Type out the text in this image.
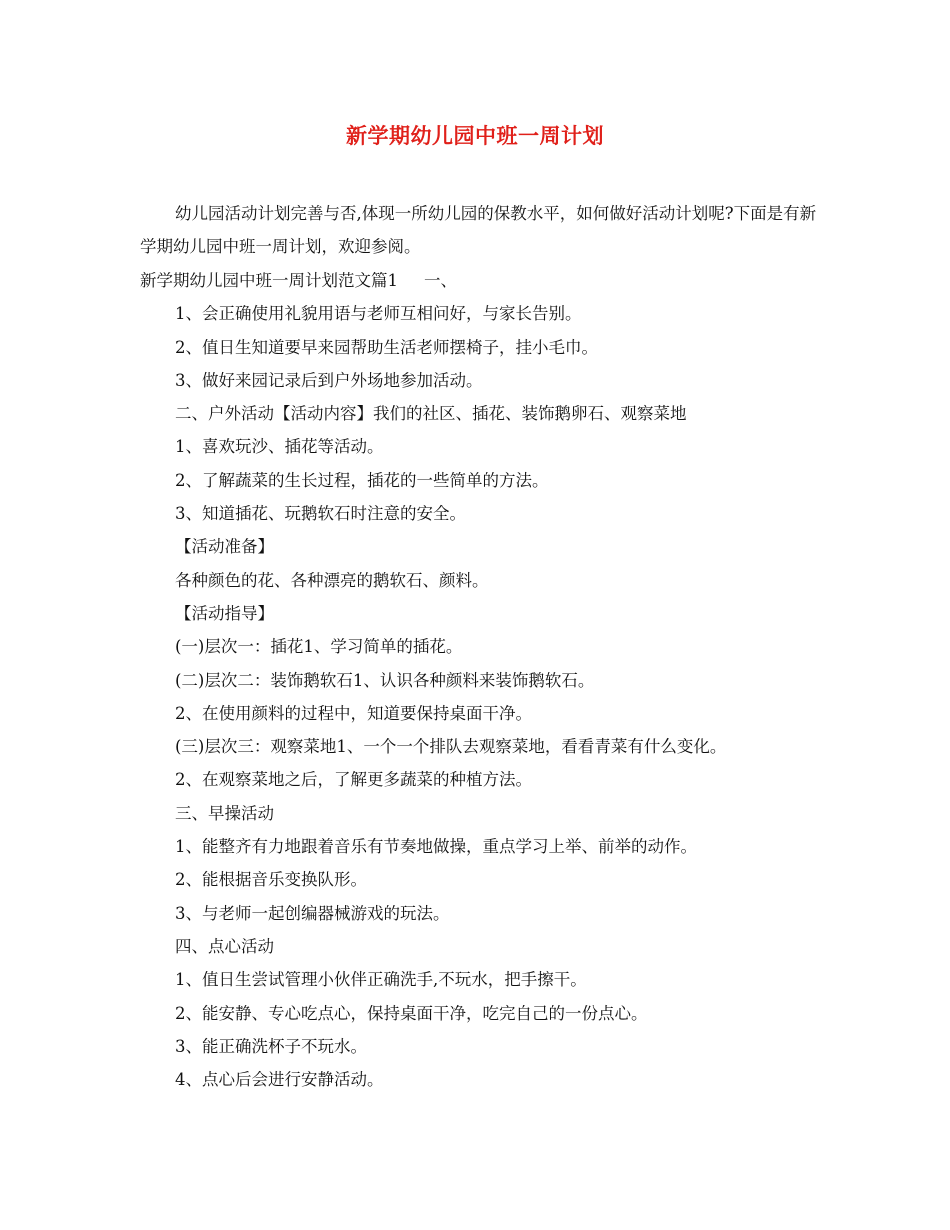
新学期幼儿园中班一周计划
幼儿园活动计划完善与否,体现一所幼儿园的保教水平，如何做好活动计划呢?下面是有新学期幼儿园中班一周计划，欢迎参阅。
新学期幼儿园中班一周计划范文篇1 一、
1、会正确使用礼貌用语与老师互相问好，与家长告别。
2、值日生知道要早来园帮助生活老师摆椅子，挂小毛巾。
3、做好来园记录后到户外场地参加活动。
二、户外活动【活动内容】我们的社区、插花、装饰鹅卵石、观察菜地
1、喜欢玩沙、插花等活动。
2、了解蔬菜的生长过程，插花的一些简单的方法。
3、知道插花、玩鹅软石时注意的安全。
【活动准备】
各种颜色的花、各种漂亮的鹅软石、颜料。
【活动指导】
(一)层次一：插花1、学习简单的插花。
(二)层次二：装饰鹅软石1、认识各种颜料来装饰鹅软石。
2、在使用颜料的过程中，知道要保持桌面干净。
(三)层次三：观察菜地1、一个一个排队去观察菜地，看看青菜有什么变化。
2、在观察菜地之后，了解更多蔬菜的种植方法。
三、早操活动
1、能整齐有力地跟着音乐有节奏地做操，重点学习上举、前举的动作。
2、能根据音乐变换队形。
3、与老师一起创编器械游戏的玩法。
四、点心活动
1、值日生尝试管理小伙伴正确洗手,不玩水，把手擦干。
2、能安静、专心吃点心，保持桌面干净，吃完自己的一份点心。
3、能正确洗杯子不玩水。
4、点心后会进行安静活动。
